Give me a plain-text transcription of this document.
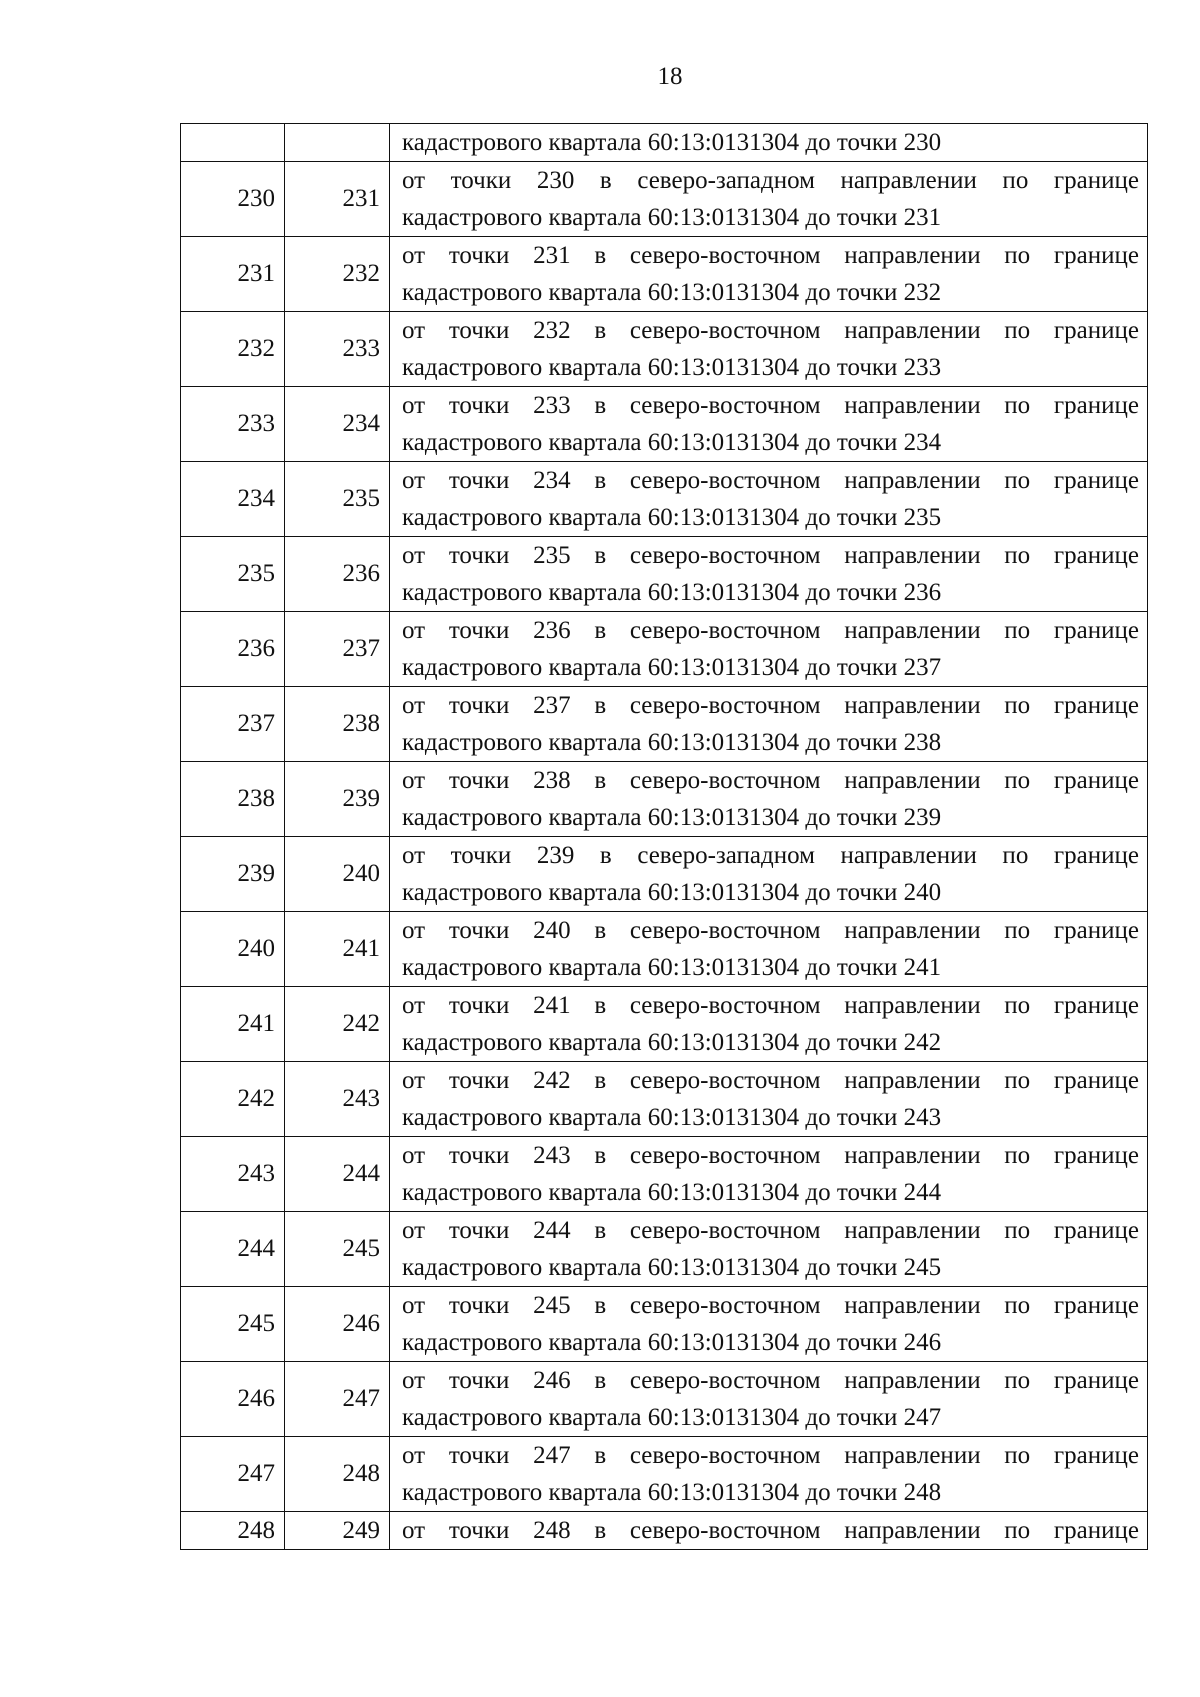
18

		кадастрового квартала 60:13:0131304 до точки 230

230	231	от точки 230 в северо-западном направлении по границе
кадастрового квартала 60:13:0131304 до точки 231

231	232	от точки 231 в северо-восточном направлении по границе
кадастрового квартала 60:13:0131304 до точки 232

232	233	от точки 232 в северо-восточном направлении по границе
кадастрового квартала 60:13:0131304 до точки 233

233	234	от точки 233 в северо-восточном направлении по границе
кадастрового квартала 60:13:0131304 до точки 234

234	235	от точки 234 в северо-восточном направлении по границе
кадастрового квартала 60:13:0131304 до точки 235

235	236	от точки 235 в северо-восточном направлении по границе
кадастрового квартала 60:13:0131304 до точки 236

236	237	от точки 236 в северо-восточном направлении по границе
кадастрового квартала 60:13:0131304 до точки 237

237	238	от точки 237 в северо-восточном направлении по границе
кадастрового квартала 60:13:0131304 до точки 238

238	239	от точки 238 в северо-восточном направлении по границе
кадастрового квартала 60:13:0131304 до точки 239

239	240	от точки 239 в северо-западном направлении по границе
кадастрового квартала 60:13:0131304 до точки 240

240	241	от точки 240 в северо-восточном направлении по границе
кадастрового квартала 60:13:0131304 до точки 241

241	242	от точки 241 в северо-восточном направлении по границе
кадастрового квартала 60:13:0131304 до точки 242

242	243	от точки 242 в северо-восточном направлении по границе
кадастрового квартала 60:13:0131304 до точки 243

243	244	от точки 243 в северо-восточном направлении по границе
кадастрового квартала 60:13:0131304 до точки 244

244	245	от точки 244 в северо-восточном направлении по границе
кадастрового квартала 60:13:0131304 до точки 245

245	246	от точки 245 в северо-восточном направлении по границе
кадастрового квартала 60:13:0131304 до точки 246

246	247	от точки 246 в северо-восточном направлении по границе
кадастрового квартала 60:13:0131304 до точки 247

247	248	от точки 247 в северо-восточном направлении по границе
кадастрового квартала 60:13:0131304 до точки 248

248	249	от точки 248 в северо-восточном направлении по границе
